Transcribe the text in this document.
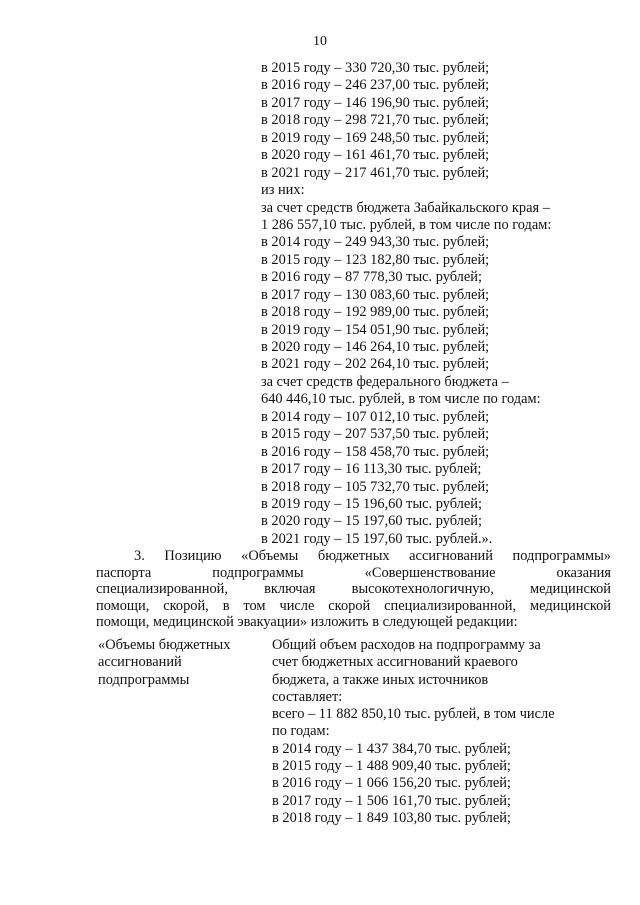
10
в 2015 году – 330 720,30 тыс. рублей;
в 2016 году – 246 237,00 тыс. рублей;
в 2017 году – 146 196,90 тыс. рублей;
в 2018 году – 298 721,70 тыс. рублей;
в 2019 году – 169 248,50 тыс. рублей;
в 2020 году – 161 461,70 тыс. рублей;
в 2021 году – 217 461,70 тыс. рублей;
из них:
за счет средств бюджета Забайкальского края –
1 286 557,10 тыс. рублей, в том числе по годам:
в 2014 году – 249 943,30 тыс. рублей;
в 2015 году – 123 182,80 тыс. рублей;
в 2016 году – 87 778,30 тыс. рублей;
в 2017 году – 130 083,60 тыс. рублей;
в 2018 году – 192 989,00 тыс. рублей;
в 2019 году – 154 051,90 тыс. рублей;
в 2020 году – 146 264,10 тыс. рублей;
в 2021 году – 202 264,10 тыс. рублей;
за счет средств федерального бюджета –
640 446,10 тыс. рублей, в том числе по годам:
в 2014 году – 107 012,10 тыс. рублей;
в 2015 году – 207 537,50 тыс. рублей;
в 2016 году – 158 458,70 тыс. рублей;
в 2017 году – 16 113,30 тыс. рублей;
в 2018 году – 105 732,70 тыс. рублей;
в 2019 году – 15 196,60 тыс. рублей;
в 2020 году – 15 197,60 тыс. рублей;
в 2021 году – 15 197,60 тыс. рублей.».
3. Позицию «Объемы бюджетных ассигнований подпрограммы»
паспорта подпрограммы «Совершенствование оказания
специализированной, включая высокотехнологичную, медицинской
помощи, скорой, в том числе скорой специализированной, медицинской
помощи, медицинской эвакуации» изложить в следующей редакции:
«Объемы бюджетных
ассигнований
подпрограммы
Общий объем расходов на подпрограмму за
счет бюджетных ассигнований краевого
бюджета, а также иных источников
составляет:
всего – 11 882 850,10 тыс. рублей, в том числе
по годам:
в 2014 году – 1 437 384,70 тыс. рублей;
в 2015 году – 1 488 909,40 тыс. рублей;
в 2016 году – 1 066 156,20 тыс. рублей;
в 2017 году – 1 506 161,70 тыс. рублей;
в 2018 году – 1 849 103,80 тыс. рублей;
